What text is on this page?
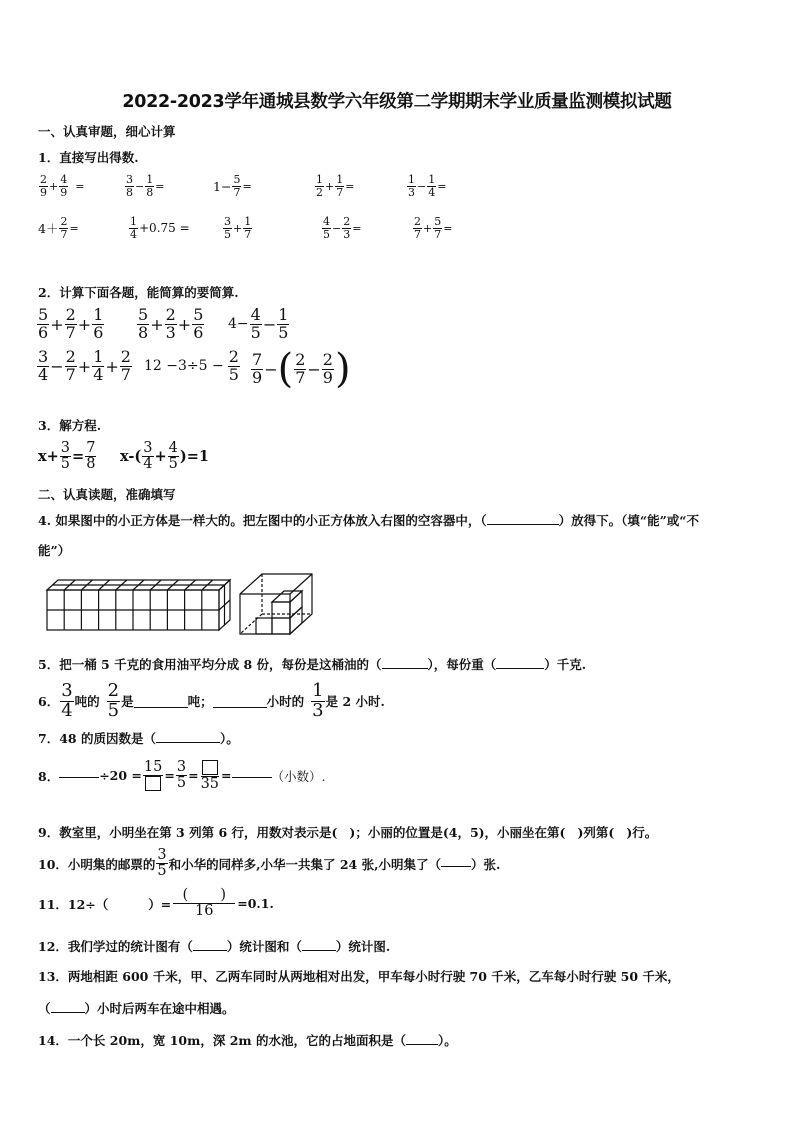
2022-2023学年通城县数学六年级第二学期期末学业质量监测模拟试题
一、认真审题，细心计算
1．直接写出得数.
$\frac{2}{9} + \frac{4}{9}$ =	$\frac{3}{8} - \frac{1}{8}$ =	$1- \frac{5}{7}$ =	$\frac{1}{2} + \frac{1}{7}$ =	$\frac{1}{3} - \frac{1}{4}$ =
$4+ \frac{2}{7}$ =	$\frac{1}{4} +0.75$ =	$\frac{3}{5} + \frac{1}{7}$	$\frac{4}{5} - \frac{2}{3}$ =	$\frac{2}{7} + \frac{5}{7}$ =
2．计算下面各题，能简算的要简算.
$\frac{5}{6} + \frac{2}{7} + \frac{1}{6} \frac{5}{8} + \frac{2}{3} + \frac{5}{6} 4- \frac{4}{5} - \frac{1}{5}$
$\frac{3}{4} - \frac{2}{7} + \frac{1}{4} + \frac{2}{7} 12 -3\div 5 - \frac{2}{5} \frac{7}{9}$ − ( $\frac{2}{7} - \frac{2}{9}$ )
3．解方程.
$x+ \frac{3}{5} = \frac{7}{8} x-( \frac{3}{4} + \frac{4}{5} )=1$
二、认真读题，准确填写
4. 如果图中的小正方体是一样大的。把左图中的小正方体放入右图的空容器中，（	）放得下。（填“能”或“不
能”）
5．把一桶 5 千克的食用油平均分成 8 份，每份是这桶油的（	），每份重（	）千克.
6． $\frac{3}{4}$ 吨的 $\frac{2}{5}$ 是	吨；	小时的 $\frac{1}{3}$ 是 2 小时.
7．48 的质因数是（	）。
8．	÷20 =
15
= $\frac{3}{5} = 35$ =	（小数）.
9．教室里，小明坐在第 3 列第 6 行，用数对表示是( )；小丽的位置是(4，5)，小丽坐在第( )列第( )行。
10．小明集的邮票的 $\frac{3}{5}$ 和小华的同样多,小华一共集了 24 张,小明集了（ ）张.
11．12÷（	）= $\frac{( )}{16} =0.1$.
12．我们学过的统计图有（	）统计图和（	）统计图.
13．两地相距 600 千米，甲、乙两车同时从两地相对出发，甲车每小时行驶 70 千米，乙车每小时行驶 50 千米，
（	）小时后两车在途中相遇。
14．一个长 20m，宽 10m，深 2m 的水池，它的占地面积是（	）。
